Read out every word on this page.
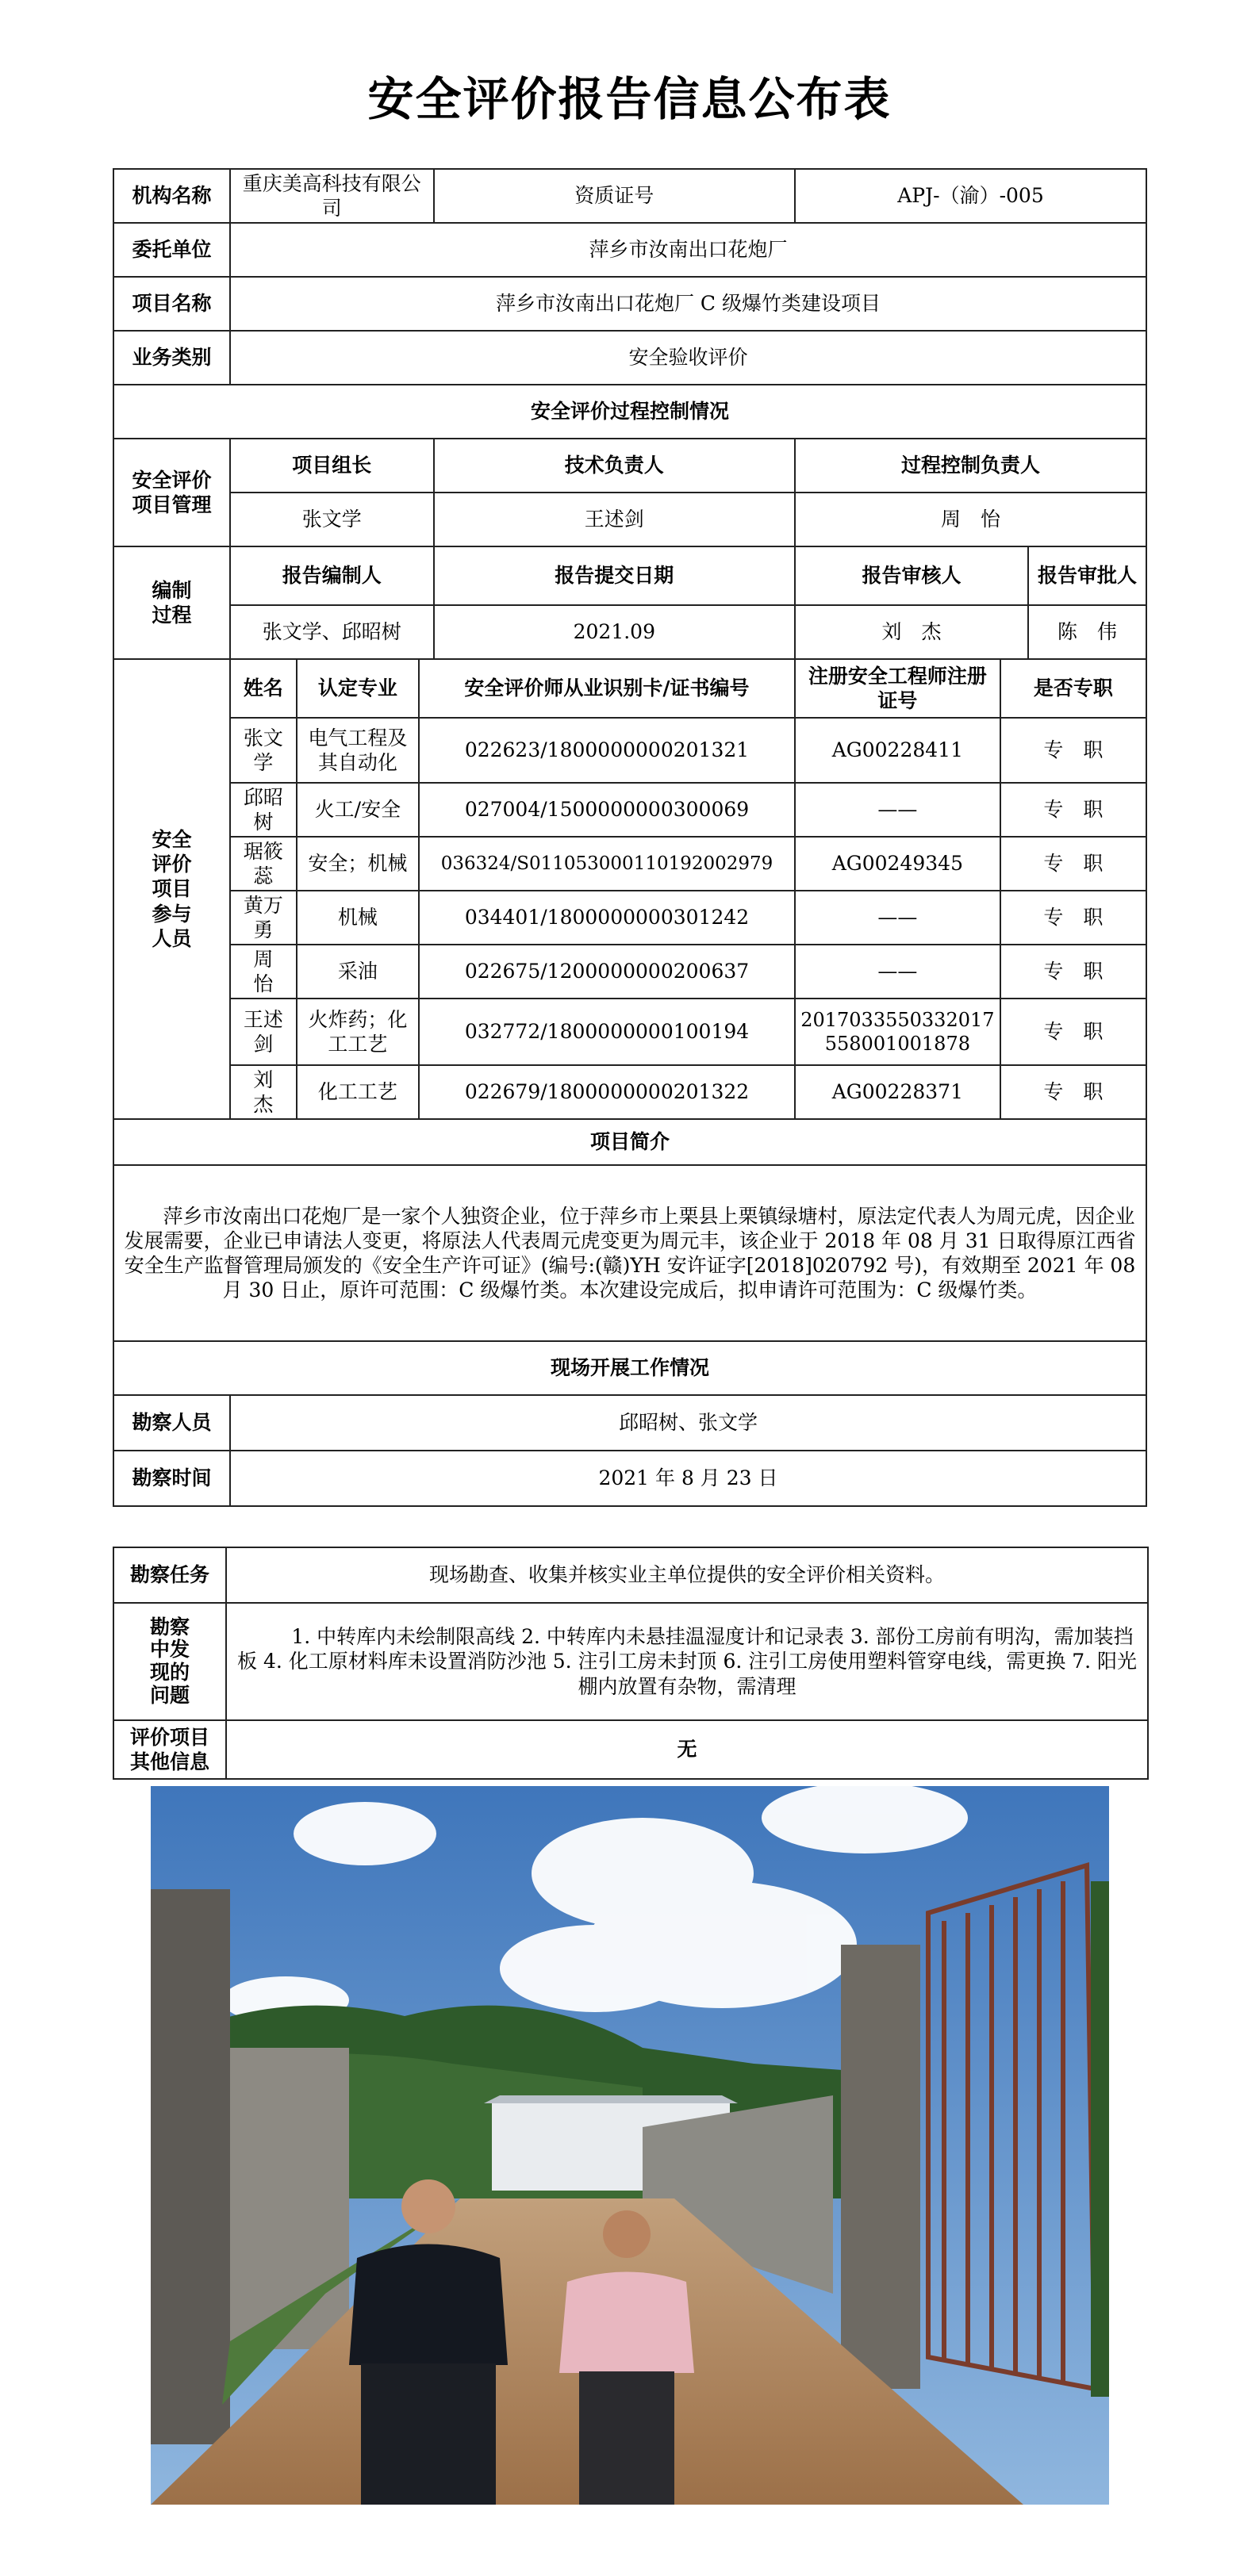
安全评价报告信息公布表
机构名称	重庆美高科技有限公司			资质证号	APJ-（渝）-005		
委托单位	萍乡市汝南出口花炮厂						
项目名称	萍乡市汝南出口花炮厂 C 级爆竹类建设项目						
业务类别	安全验收评价						
安全评价过程控制情况							
安全评价项目管理	项目组长			技术负责人	过程控制负责人		
	张文学			王述剑	周　怡		
编制过程	报告编制人			报告提交日期	报告审核人		报告审批人
	张文学、邱昭树			2021.09	刘　杰		陈　伟
安全评价项目参与人员	姓名	认定专业	安全评价师从业识别卡/证书编号		注册安全工程师注册证号	是否专职	
	张文学	电气工程及其自动化	022623/1800000000201321		AG00228411	专　职	
	邱昭树	火工/安全	027004/1500000000300069		——	专　职	
	琚筱蕊	安全；机械	036324/S011053000110192002979		AG00249345	专　职	
	黄万勇	机械	034401/1800000000301242		——	专　职	
	周　怡	采油	022675/1200000000200637		——	专　职	
	王述剑	火炸药；化工工艺	032772/1800000000100194		2017033550332017558001001878	专　职	
	刘　杰	化工工艺	022679/1800000000201322		AG00228371	专　职	
项目简介							
萍乡市汝南出口花炮厂是一家个人独资企业，位于萍乡市上栗县上栗镇绿塘村，原法定代表人为周元虎，因企业发展需要，企业已申请法人变更，将原法人代表周元虎变更为周元丰，该企业于 2018 年 08 月 31 日取得原江西省安全生产监督管理局颁发的《安全生产许可证》(编号:(赣)YH 安许证字[2018]020792 号)，有效期至 2021 年 08 月 30 日止，原许可范围：C 级爆竹类。本次建设完成后，拟申请许可范围为：C 级爆竹类。							
现场开展工作情况							
勘察人员	邱昭树、张文学						
勘察时间	2021 年 8 月 23 日						
勘察任务	现场勘查、收集并核实业主单位提供的安全评价相关资料。
勘察中发现的问题	1. 中转库内未绘制限高线 2. 中转库内未悬挂温湿度计和记录表 3. 部份工房前有明沟，需加装挡板 4. 化工原材料库未设置消防沙池 5. 注引工房未封顶 6. 注引工房使用塑料管穿电线，需更换 7. 阳光棚内放置有杂物，需清理
评价项目其他信息	无
